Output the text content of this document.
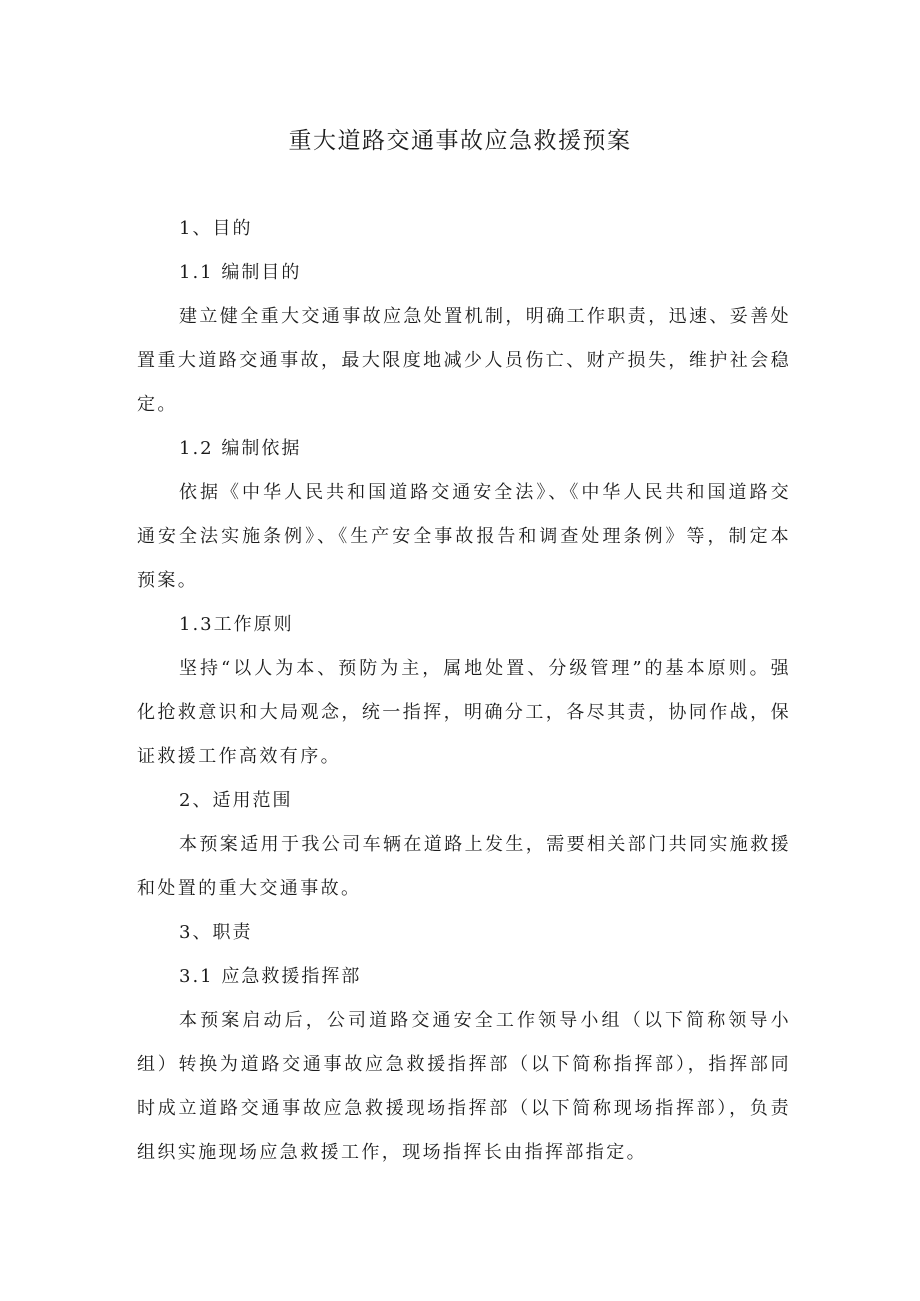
重大道路交通事故应急救援预案

1、目的

1.1 编制目的

建立健全重大交通事故应急处置机制，明确工作职责，迅速、妥善处置重大道路交通事故，最大限度地减少人员伤亡、财产损失，维护社会稳定。

1.2 编制依据

依据《中华人民共和国道路交通安全法》、《中华人民共和国道路交通安全法实施条例》、《生产安全事故报告和调查处理条例》等，制定本预案。

1.3工作原则

坚持“以人为本、预防为主，属地处置、分级管理”的基本原则。强化抢救意识和大局观念，统一指挥，明确分工，各尽其责，协同作战，保证救援工作高效有序。

2、适用范围

本预案适用于我公司车辆在道路上发生，需要相关部门共同实施救援和处置的重大交通事故。

3、职责

3.1 应急救援指挥部

本预案启动后，公司道路交通安全工作领导小组（以下简称领导小组）转换为道路交通事故应急救援指挥部（以下简称指挥部），指挥部同时成立道路交通事故应急救援现场指挥部（以下简称现场指挥部），负责组织实施现场应急救援工作，现场指挥长由指挥部指定。
